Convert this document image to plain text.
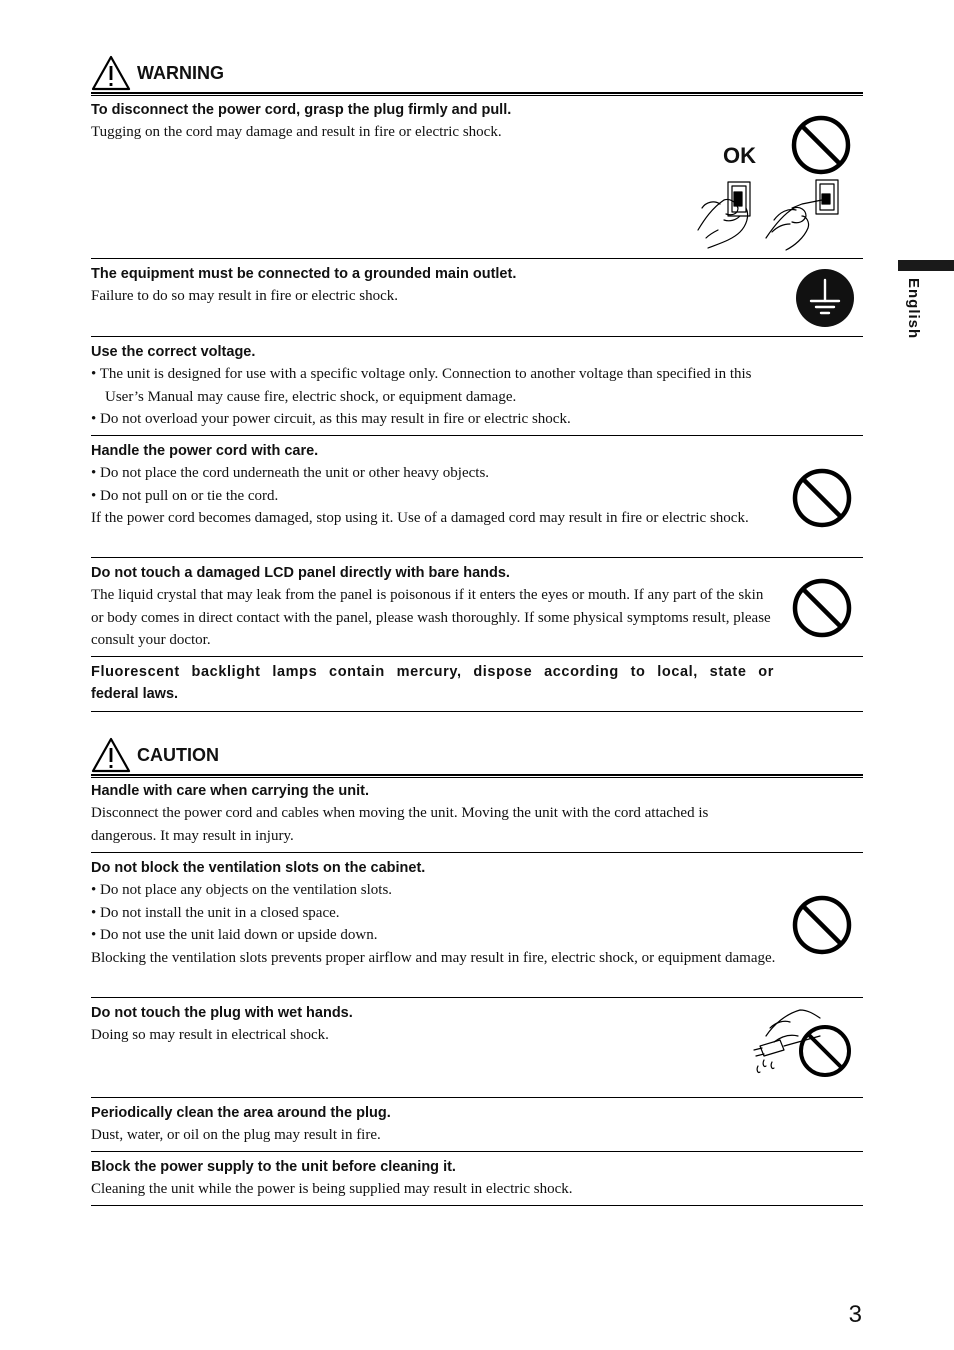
WARNING

To disconnect the power cord, grasp the plug firmly and pull.

Tugging on the cord may damage and result in fire or electric shock.

OK

The equipment must be connected to a grounded main outlet.

Failure to do so may result in fire or electric shock.

Use the correct voltage.

• The unit is designed for use with a specific voltage only. Connection to another voltage than specified in this User’s Manual may cause fire, electric shock, or equipment damage.

• Do not overload your power circuit, as this may result in fire or electric shock.

Handle the power cord with care.

• Do not place the cord underneath the unit or other heavy objects.

• Do not pull on or tie the cord.

If the power cord becomes damaged, stop using it. Use of a damaged cord may result in fire or electric shock.

Do not touch a damaged LCD panel directly with bare hands.

The liquid crystal that may leak from the panel is poisonous if it enters the eyes or mouth. If any part of the skin or body comes in direct contact with the panel, please wash thoroughly. If some physical symptoms result, please consult your doctor.

Fluorescent backlight lamps contain mercury, dispose according to local, state or

federal laws.

CAUTION

Handle with care when carrying the unit.

Disconnect the power cord and cables when moving the unit. Moving the unit with the cord attached is dangerous. It may result in injury.

Do not block the ventilation slots on the cabinet.

• Do not place any objects on the ventilation slots.

• Do not install the unit in a closed space.

• Do not use the unit laid down or upside down.

Blocking the ventilation slots prevents proper airflow and may result in fire, electric shock, or equipment damage.

Do not touch the plug with wet hands.

Doing so may result in electrical shock.

Periodically clean the area around the plug.

Dust, water, or oil on the plug may result in fire.

Block the power supply to the unit before cleaning it.

Cleaning the unit while the power is being supplied may result in electric shock.

English
3
